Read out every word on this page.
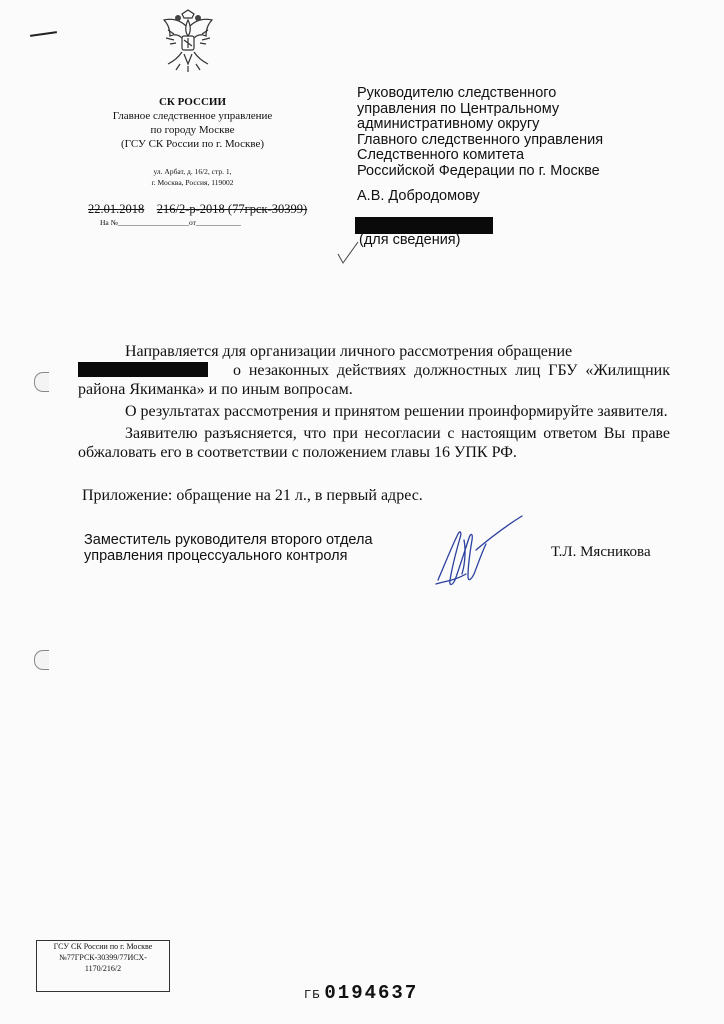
СК РОССИИ
Главное следственное управление
по городу Москве
(ГСУ СК России по г. Москве)
ул. Арбат, д. 16/2, стр. 1,
г. Москва, Россия, 119002
22.01.2018 216/2-р-2018 (77грск-30399)
На №___________________от____________
Руководителю следственного
управления по Центральному
административному округу
Главного следственного управления
Следственного комитета
Российской Федерации по г. Москве
А.В. Добродомову
(для сведения)

Направляется для организации личного рассмотрения обращение

о незаконных действиях должностных лиц ГБУ «Жилищник района Якиманка» и по иным вопросам.

О результатах рассмотрения и принятом решении проинформируйте заявителя.

Заявителю разъясняется, что при несогласии с настоящим ответом Вы праве обжаловать его в соответствии с положением главы 16 УПК РФ.

Приложение: обращение на 21 л., в первый адрес.
Заместитель руководителя второго отдела
управления процессуального контроля	Т.Л. Мясникова
ГСУ СК России по г. Москве
№77ГРСК-30399/77ИСХ-
1170/216/2
ГБ 0194637
